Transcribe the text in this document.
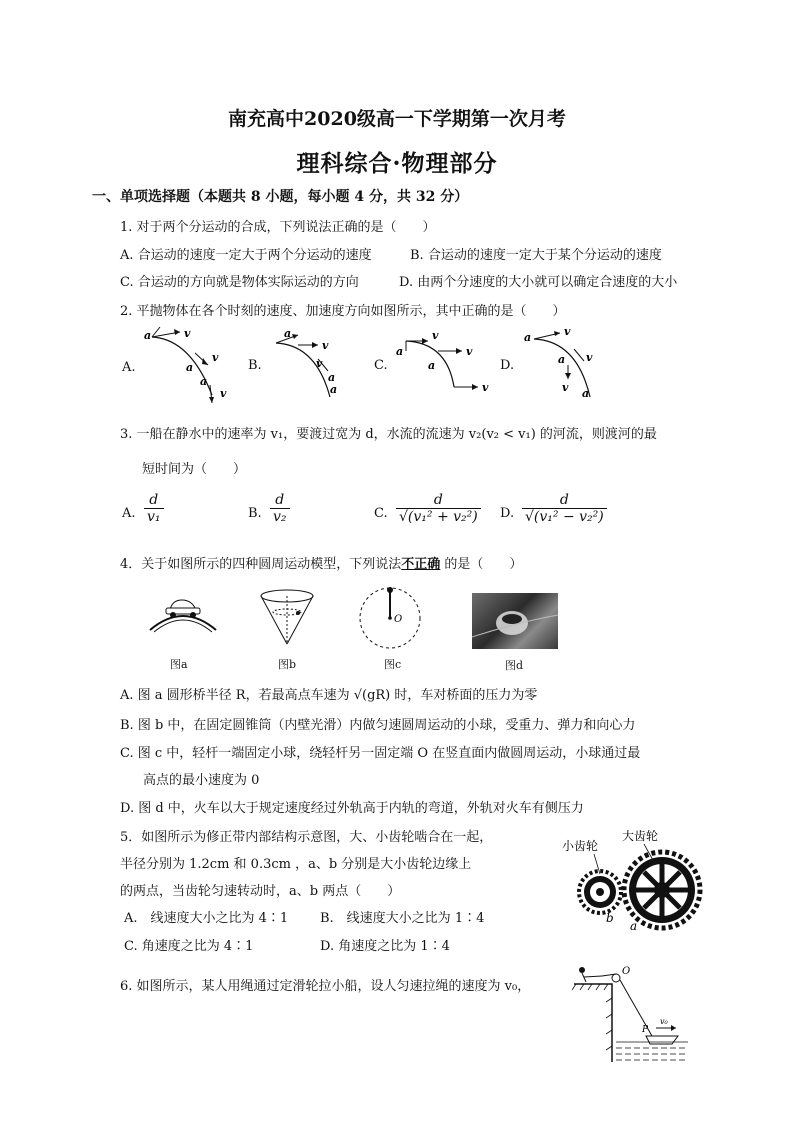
南充高中2020级高一下学期第一次月考
理科综合·物理部分
一、单项选择题（本题共 8 小题，每小题 4 分，共 32 分）
1. 对于两个分运动的合成，下列说法正确的是（　　）
A. 合运动的速度一定大于两个分运动的速度	B. 合运动的速度一定大于某个分运动的速度
C. 合运动的方向就是物体实际运动的方向	D. 由两个分速度的大小就可以确定合速度的大小
2. 平抛物体在各个时刻的速度、加速度方向如图所示，其中正确的是（　　）
A.	B.	C.	D.
a	v
v
a
a
v
a
v
v
a
a
a
v
v
a
v
a	v
a v
v a
3. 一船在静水中的速率为 v₁，要渡过宽为 d，水流的流速为 v₂(v₂ < v₁) 的河流，则渡河的最
短时间为（　　）
A. $\frac{d}{\text{v₁}}$	B. $\frac{d}{\text{v₂}}$	C. $\frac{d}{\text{√(v₁² + v₂²)}} D$. $\frac{d}{\text{√(v₁² − v₂²)}}$
4．关于如图所示的四种圆周运动模型，下列说法不正确 的是（　　）
图a	图b
O
图c	图d
A. 图 a 圆形桥半径 R，若最高点车速为 √(gR) 时，车对桥面的压力为零
B. 图 b 中，在固定圆锥筒（内壁光滑）内做匀速圆周运动的小球，受重力、弹力和向心力
C. 图 c 中，轻杆一端固定小球，绕轻杆另一固定端 O 在竖直面内做圆周运动，小球通过最
高点的最小速度为 0
D. 图 d 中，火车以大于规定速度经过外轨高于内轨的弯道，外轨对火车有侧压力
5．如图所示为修正带内部结构示意图，大、小齿轮啮合在一起，
半径分别为 1.2cm 和 0.3cm ，a、b 分别是大小齿轮边缘上
的两点，当齿轮匀速转动时，a、b 两点（　　）
A.　线速度大小之比为 4∶1 B.　线速度大小之比为 1∶4
C. 角速度之比为 4∶1	D. 角速度之比为 1∶4
小齿轮
大齿轮
b
a
6. 如图所示，某人用绳通过定滑轮拉小船，设人匀速拉绳的速度为 v₀，
O
P
v₀
